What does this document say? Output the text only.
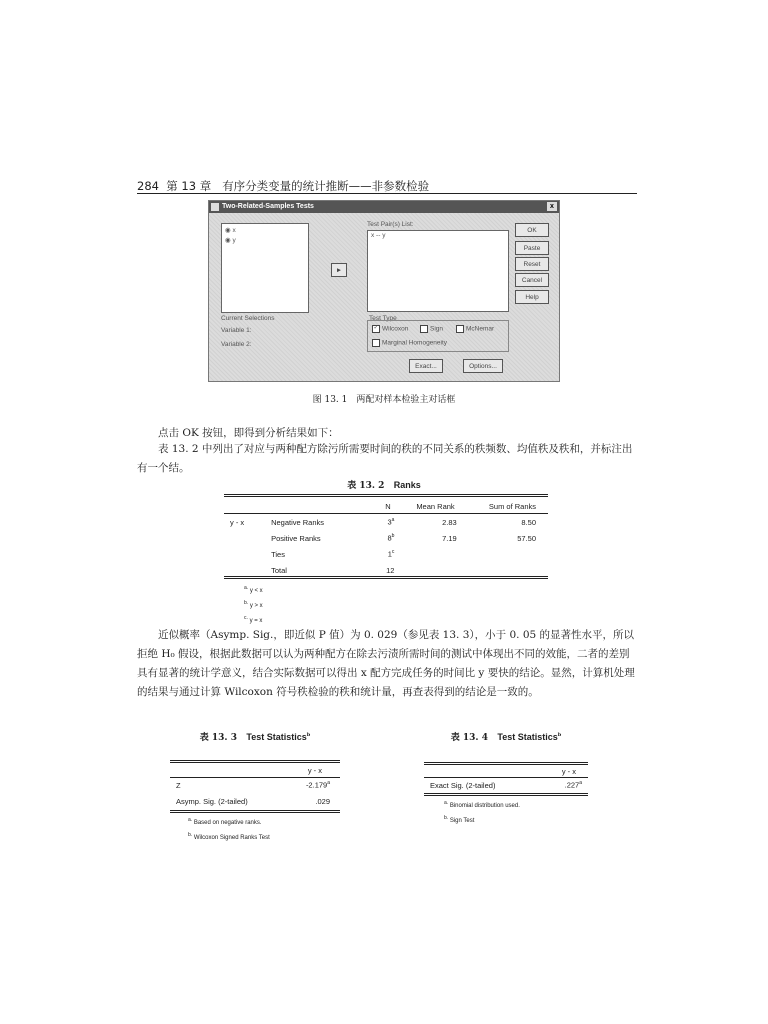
284 第 13 章 有序分类变量的统计推断——非参数检验
Two-Related-Samples Tests	x
◉ x
◉ y
►
Test Pair(s) List:
x -- y
OK
Paste
Reset
Cancel
Help
Current Selections
Variable 1:
Variable 2:
Test Type
✓ Wilcoxon	Sign	McNemar
Marginal Homogeneity
Exact...	Options...
图 13. 1　两配对样本检验主对话框
点击 OK 按钮，即得到分析结果如下：
表 13. 2 中列出了对应与两种配方除污所需要时间的秩的不同关系的秩频数、均值秩及秩和，并标注出有一个结。
表 13. 2 Ranks
		N	Mean Rank	Sum of Ranks
y - x	Negative Ranks	3$^a$	2.83	8.50
	Positive Ranks	8$^b$	7.19	57.50
	Ties	1$^c$		
	Total	12		
$^{a.}$ y < x
$^{b.}$ y > x
$^{c.}$ y = x
近似概率（Asymp. Sig.，即近似 P 值）为 0. 029（参见表 13. 3），小于 0. 05 的显著性水平，所以拒绝 H₀ 假设，根据此数据可以认为两种配方在除去污渍所需时间的测试中体现出不同的效能，二者的差别具有显著的统计学意义，结合实际数据可以得出 x 配方完成任务的时间比 y 要快的结论。显然，计算机处理的结果与通过计算 Wilcoxon 符号秩检验的秩和统计量，再查表得到的结论是一致的。
表 13. 3 Test Statistics$^b$
	y - x
Z	-2.179$^a$
Asymp. Sig. (2-tailed)	.029
$^{a.}$ Based on negative ranks.
$^{b.}$ Wilcoxon Signed Ranks Test
表 13. 4 Test Statistics$^b$
	y - x
Exact Sig. (2-tailed)	.227$^a$
$^{a.}$ Binomial distribution used.
$^{b.}$ Sign Test
